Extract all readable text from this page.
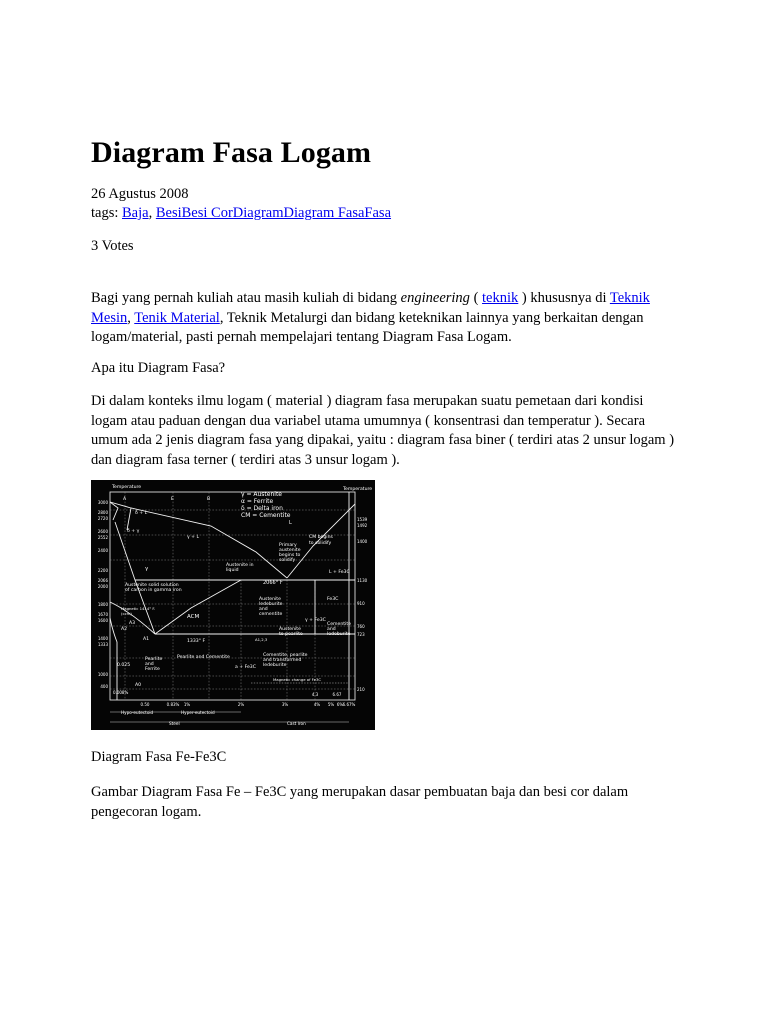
Diagram Fasa Logam
26 Agustus 2008
tags: Baja, BesiBesi CorDiagramDiagram FasaFasa
3 Votes

Bagi yang pernah kuliah atau masih kuliah di bidang engineering ( teknik ) khususnya di Teknik Mesin, Tenik Material, Teknik Metalurgi dan bidang keteknikan lainnya yang berkaitan dengan logam/material, pasti pernah mempelajari tentang Diagram Fasa Logam.

Apa itu Diagram Fasa?

Di dalam konteks ilmu logam ( material ) diagram fasa merupakan suatu pemetaan dari kondisi logam atau paduan dengan dua variabel utama umumnya ( konsentrasi dan temperatur ). Secara umum ada 2 jenis diagram fasa yang dipakai, yaitu : diagram fasa biner ( terdiri atas 2 unsur logam ) dan diagram fasa terner ( terdiri atas 3 unsur logam ).

Diagram Fasa Fe-Fe3C

Gambar Diagram Fasa Fe – Fe3C yang merupakan dasar pembuatan baja dan besi cor dalam pengecoran logam.

Temperature	Temperature
γ = Austenite
α = Ferrite
δ = Delta iron
CM = Cementite
A	E	B
3000
2800
2720
2600
2552
2400
2200
2066
2000
1800
1670
1600
1400
1333
1000
400
1539
1492
1400
1130
910
760
723
210
L
δ + L
δ + γ
γ + L
γ
CM begins
to solidify
Primary
austenite
begins to
solidify
Austenite in
liquid	L + Fe3C
2066° F
Austenite solid solution
of carbon in gamma iron
Austenite
ledeburite
and
cementite
Fe3C
Magnetic 1414° F.
(ccm)
ACM
γ + Fe3C
Austenite
to pearlite
Cementite
and
ledeburite
A3
A1	A1,2,3
A2
1333° F
Pearlite
and
Ferrite
Pearlite and Cementite	Cementite, pearlite
and transformed
ledeburite
a + Fe3C
Magnetic change of Fe3C
A0
0.025
0.008%
0.50	0.83% 1%	2%	3%	4% 5% 6% 6.67%
4.3	6.67
Hypo-eutectoid	Hyper-eutectoid
Steel	Cast Iron
